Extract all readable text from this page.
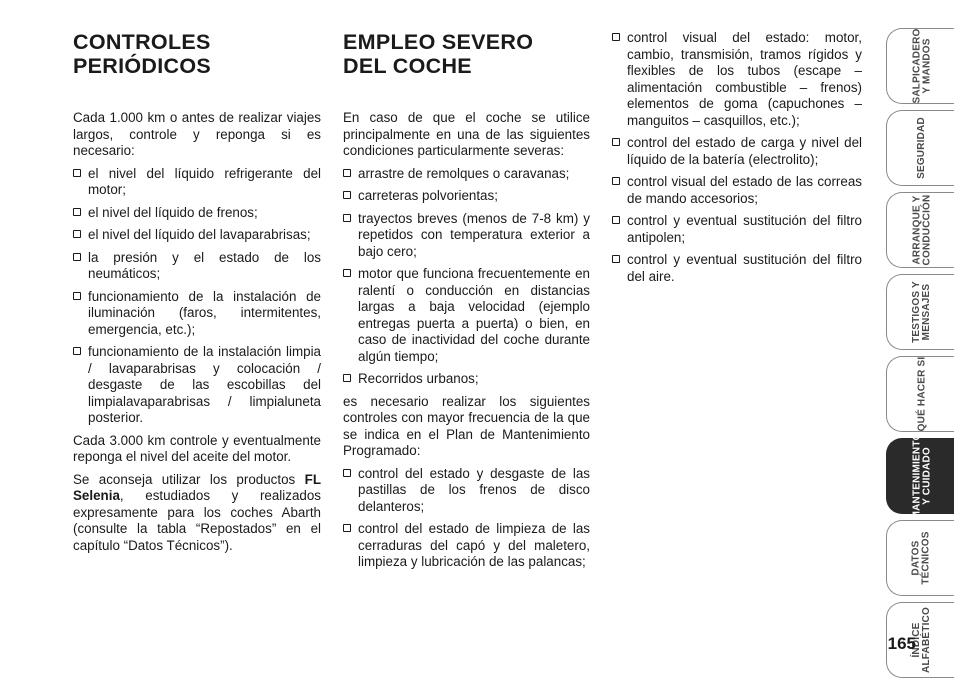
CONTROLES
PERIÓDICOS

Cada 1.000 km o antes de realizar viajes largos, controle y reponga si es necesario:

el nivel del líquido refrigerante del motor;
el nivel del líquido de frenos;
el nivel del líquido del lavaparabrisas;
la presión y el estado de los neumáticos;
funcionamiento de la instalación de iluminación (faros, intermitentes, emergencia, etc.);
funcionamiento de la instalación limpia / lavaparabrisas y colocación / desgaste de las escobillas del limpialavaparabrisas / limpialuneta posterior.

Cada 3.000 km controle y eventualmente reponga el nivel del aceite del motor.

Se aconseja utilizar los productos FL Selenia, estudiados y realizados expresamente para los coches Abarth (consulte la tabla “Repostados” en el capítulo “Datos Técnicos”).

EMPLEO SEVERO
DEL COCHE

En caso de que el coche se utilice principalmente en una de las siguientes condiciones particularmente severas:

arrastre de remolques o caravanas;
carreteras polvorientas;
trayectos breves (menos de 7-8 km) y repetidos con temperatura exterior a bajo cero;
motor que funciona frecuentemente en ralentí o conducción en distancias largas a baja velocidad (ejemplo entregas puerta a puerta) o bien, en caso de inactividad del coche durante algún tiempo;
Recorridos urbanos;

es necesario realizar los siguientes controles con mayor frecuencia de la que se indica en el Plan de Mantenimiento Programado:

control del estado y desgaste de las pastillas de los frenos de disco delanteros;
control del estado de limpieza de las cerraduras del capó y del maletero, limpieza y lubricación de las palancas;
control visual del estado: motor, cambio, transmisión, tramos rígidos y flexibles de los tubos (escape – alimentación combustible – frenos) elementos de goma (capuchones – manguitos – casquillos, etc.);
control del estado de carga y nivel del líquido de la batería (electrolito);
control visual del estado de las correas de mando accesorios;
control y eventual sustitución del filtro antipolen;
control y eventual sustitución del filtro del aire.
SALPICADERO Y MANDOS
SEGURIDAD
ARRANQUE Y CONDUCCIÓN
TESTIGOS Y MENSAJES
QUÉ HACER SI
MANTENIMIENTO Y CUIDADO
DATOS TÉCNICOS
ÍNDICE ALFABÉTICO
165
